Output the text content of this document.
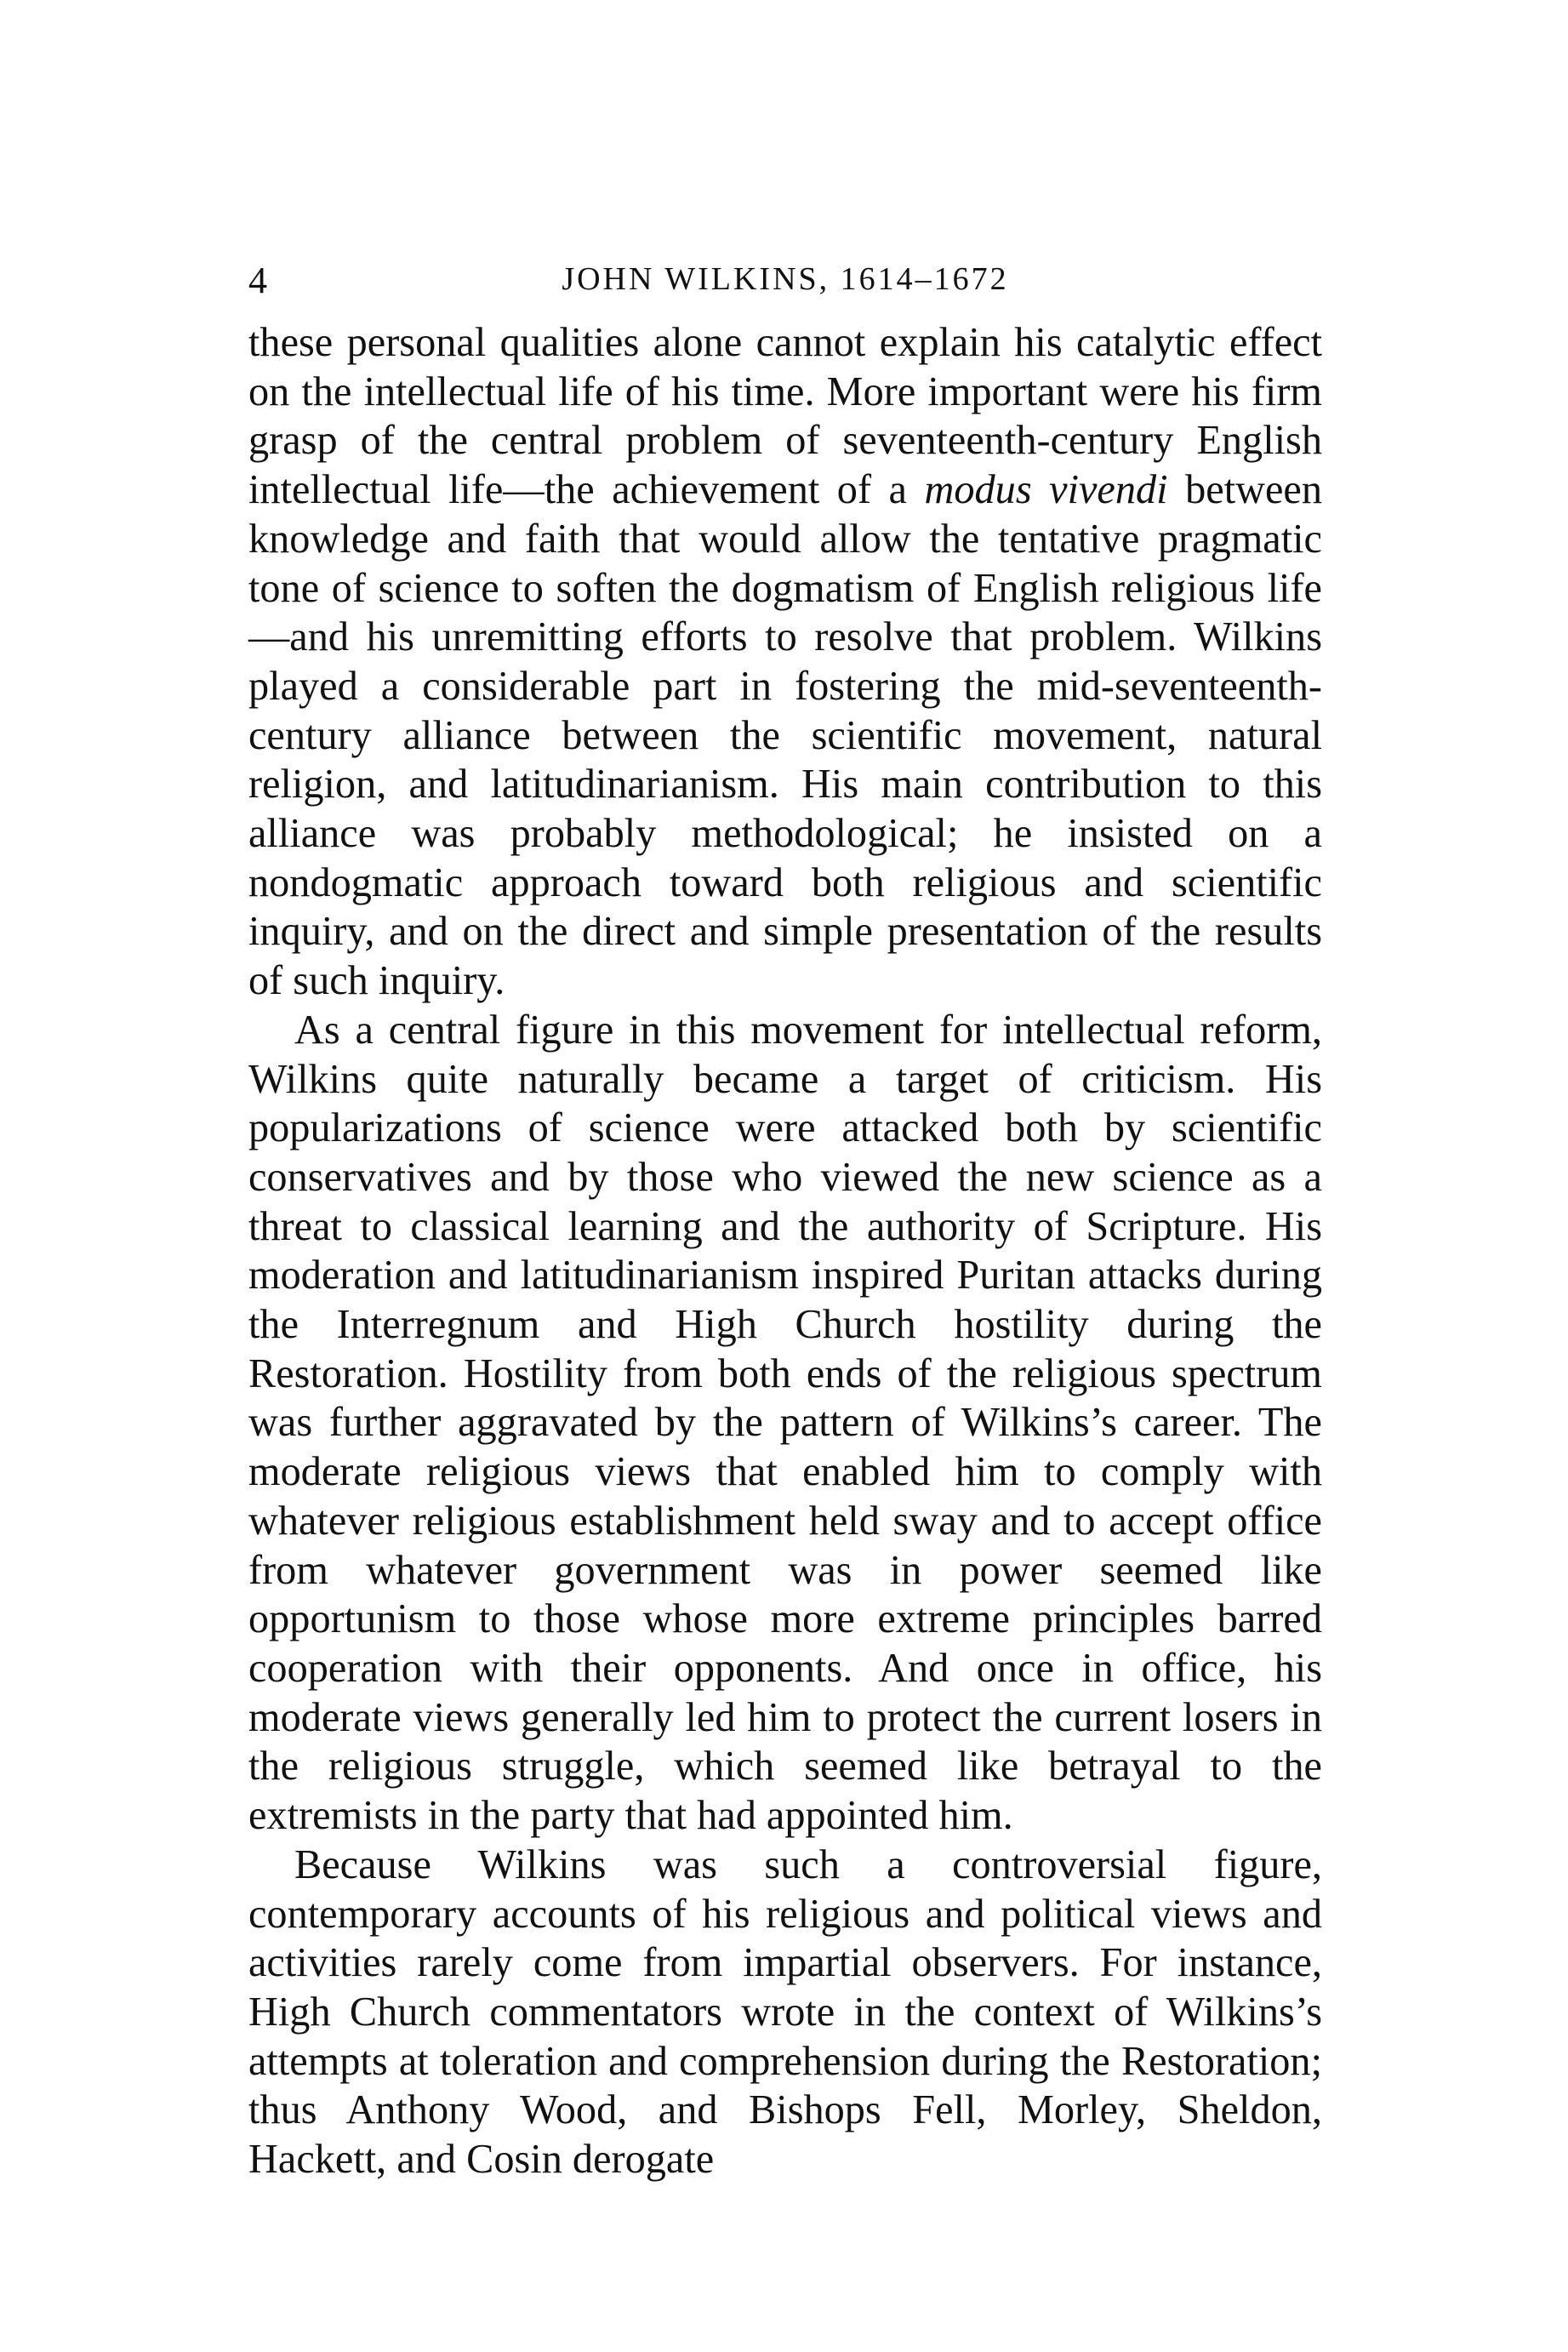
4	JOHN WILKINS, 1614–1672

these personal qualities alone cannot explain his catalytic effect on the intellectual life of his time. More important were his firm grasp of the central problem of seventeenth-century English intellectual life—the achievement of a modus vivendi between knowledge and faith that would allow the tentative pragmatic tone of science to soften the dogmatism of English religious life—and his unremitting efforts to resolve that problem. Wilkins played a considerable part in fostering the mid-seventeenth-century alliance between the scientific movement, natural religion, and latitudinarianism. His main contribution to this alliance was probably methodological; he insisted on a nondogmatic approach toward both religious and scientific inquiry, and on the direct and simple presentation of the results of such inquiry.

As a central figure in this movement for intellectual reform, Wilkins quite naturally became a target of criticism. His popularizations of science were attacked both by scientific conservatives and by those who viewed the new science as a threat to classical learning and the authority of Scripture. His moderation and latitudinarianism inspired Puritan attacks during the Interregnum and High Church hostility during the Restoration. Hostility from both ends of the religious spectrum was further aggravated by the pattern of Wilkins’s career. The moderate religious views that enabled him to comply with whatever religious establishment held sway and to accept office from whatever government was in power seemed like opportunism to those whose more extreme principles barred cooperation with their opponents. And once in office, his moderate views generally led him to protect the current losers in the religious struggle, which seemed like betrayal to the extremists in the party that had appointed him.

Because Wilkins was such a controversial figure, contemporary accounts of his religious and political views and activities rarely come from impartial observers. For instance, High Church commentators wrote in the context of Wilkins’s attempts at toleration and comprehension during the Restoration; thus Anthony Wood, and Bishops Fell, Morley, Sheldon, Hackett, and Cosin derogate
